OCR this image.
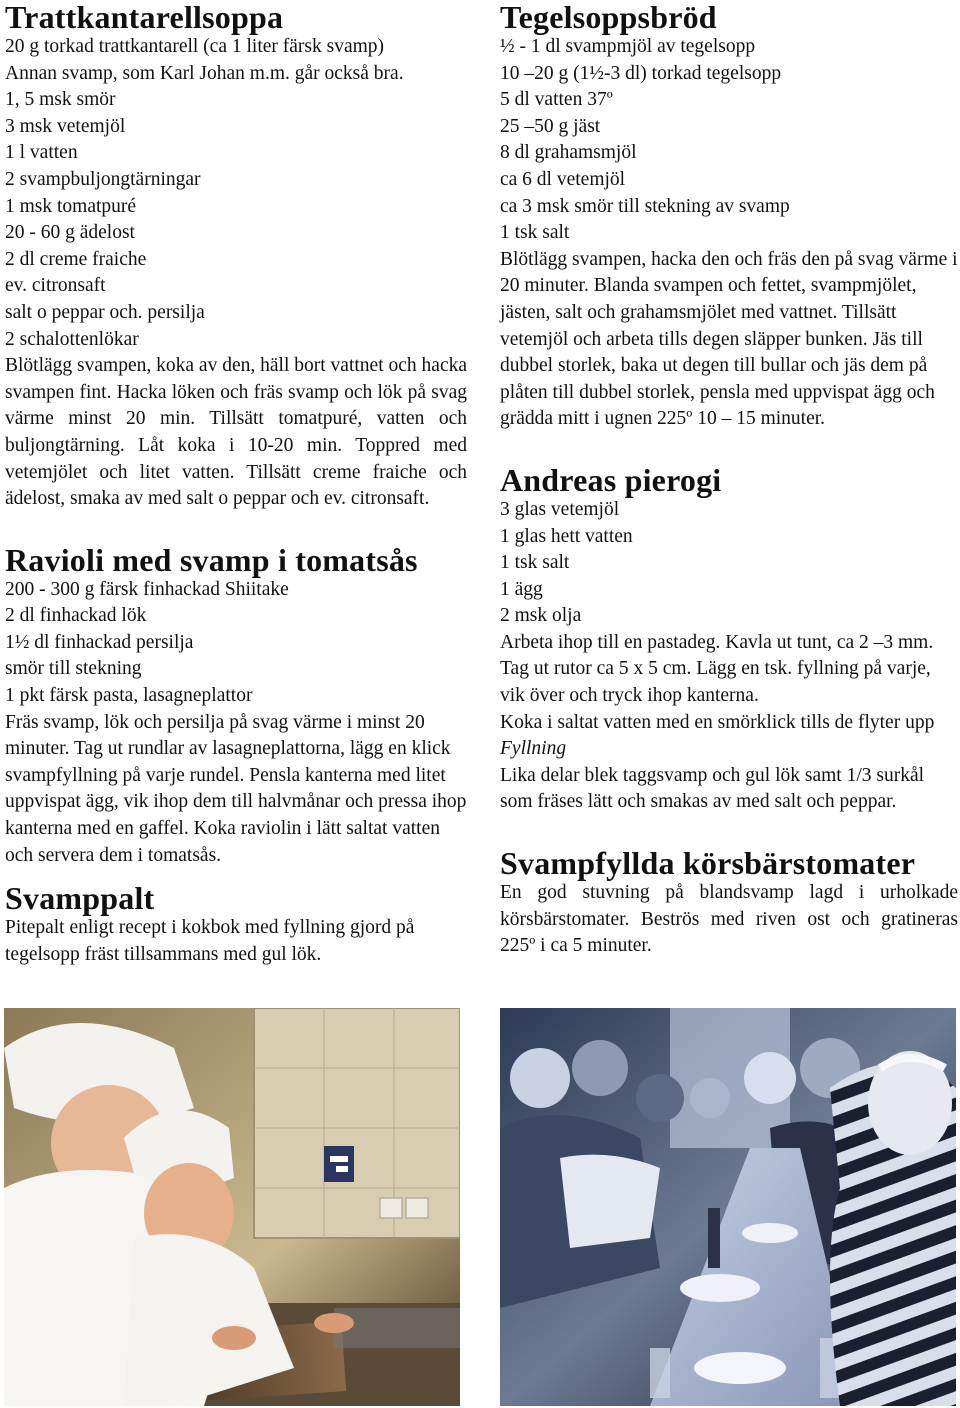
Trattkantarellsoppa
20 g torkad trattkantarell (ca 1 liter färsk svamp)
Annan svamp, som Karl Johan m.m. går också bra.
1, 5 msk smör
3 msk vetemjöl
1 l vatten
2 svampbuljongtärningar
1 msk tomatpuré
20 - 60 g ädelost
2 dl creme fraiche
ev. citronsaft
salt o peppar och. persilja
2 schalottenlökar

Blötlägg svampen, koka av den, häll bort vattnet och hacka svampen fint. Hacka löken och fräs svamp och lök på svag värme minst 20 min. Tillsätt tomatpuré, vatten och buljongtärning. Låt koka i 10-20 min. Toppred med vetemjölet och litet vatten. Tillsätt creme fraiche och ädelost, smaka av med salt o peppar och ev. citronsaft.

Ravioli med svamp i tomatsås
200 - 300 g färsk finhackad Shiitake
2 dl finhackad lök
1½ dl finhackad persilja
smör till stekning
1 pkt färsk pasta, lasagneplattor

Fräs svamp, lök och persilja på svag värme i minst 20 minuter. Tag ut rundlar av lasagneplattorna, lägg en klick svampfyllning på varje rundel. Pensla kanterna med litet uppvispat ägg, vik ihop dem till halvmånar och pressa ihop kanterna med en gaffel. Koka raviolin i lätt saltat vatten och servera dem i tomatsås.

Svamppalt

Pitepalt enligt recept i kokbok med fyllning gjord på tegelsopp fräst tillsammans med gul lök.

Tegelsoppsbröd
½ - 1 dl svampmjöl av tegelsopp
10 –20 g (1½-3 dl) torkad tegelsopp
5 dl vatten 37º
25 –50 g jäst
8 dl grahamsmjöl
ca 6 dl vetemjöl
ca 3 msk smör till stekning av svamp
1 tsk salt

Blötlägg svampen, hacka den och fräs den på svag värme i 20 minuter. Blanda svampen och fettet, svampmjölet, jästen, salt och grahamsmjölet med vattnet. Tillsätt vetemjöl och arbeta tills degen släpper bunken. Jäs till dubbel storlek, baka ut degen till bullar och jäs dem på plåten till dubbel storlek, pensla med uppvispat ägg och grädda mitt i ugnen 225º 10 – 15 minuter.

Andreas pierogi
3 glas vetemjöl
1 glas hett vatten
1 tsk salt
1 ägg
2 msk olja

Arbeta ihop till en pastadeg. Kavla ut tunt, ca 2 –3 mm. Tag ut rutor ca 5 x 5 cm. Lägg en tsk. fyllning på varje, vik över och tryck ihop kanterna.

Koka i saltat vatten med en smörklick tills de flyter upp

Fyllning

Lika delar blek taggsvamp och gul lök samt 1/3 surkål som fräses lätt och smakas av med salt och peppar.

Svampfyllda körsbärstomater

En god stuvning på blandsvamp lagd i urholkade körsbärstomater. Beströs med riven ost och gratineras 225º i ca 5 minuter.
